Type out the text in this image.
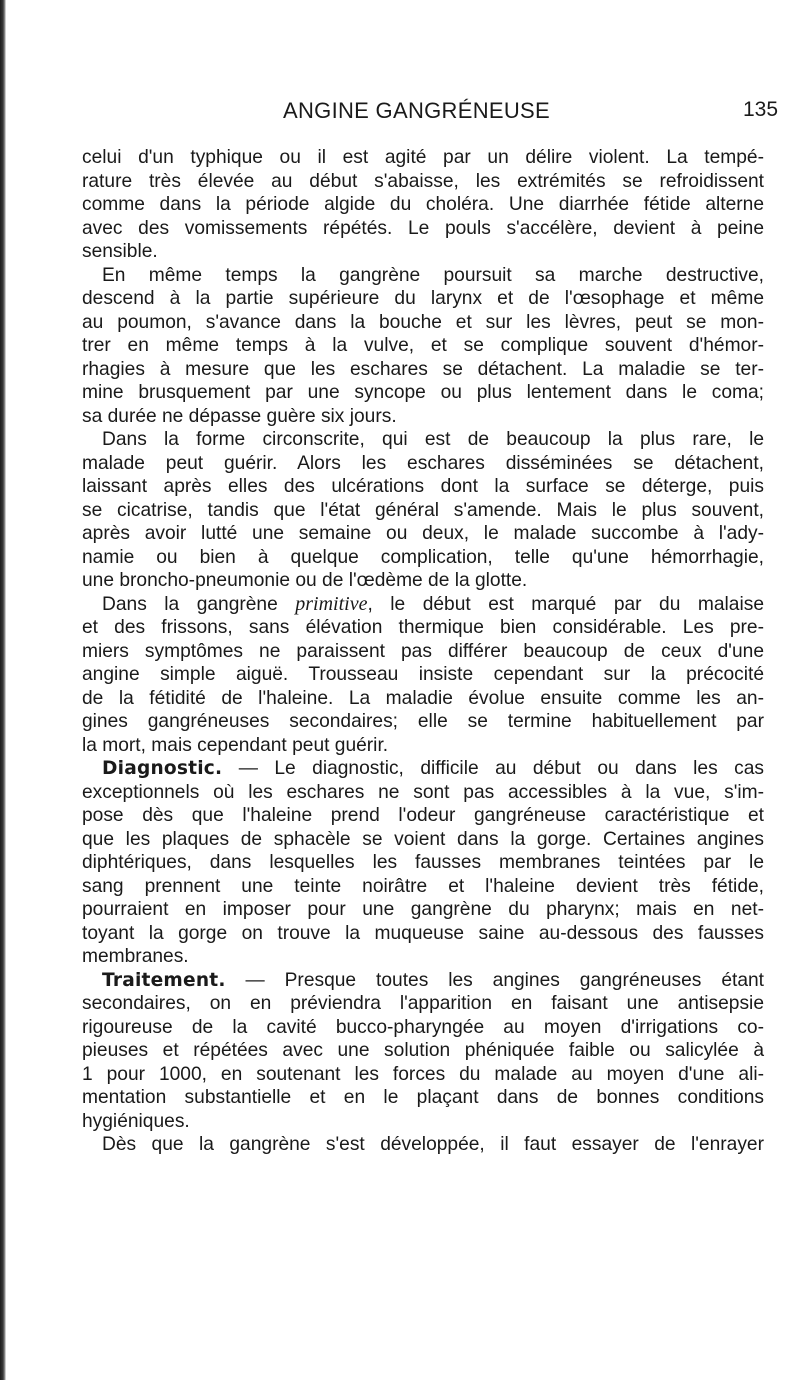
ANGINE GANGRÉNEUSE	135
celui d'un typhique ou il est agité par un délire violent. La tempé-
rature très élevée au début s'abaisse, les extrémités se refroidissent
comme dans la période algide du choléra. Une diarrhée fétide alterne
avec des vomissements répétés. Le pouls s'accélère, devient à peine
sensible.
En même temps la gangrène poursuit sa marche destructive,
descend à la partie supérieure du larynx et de l'œsophage et même
au poumon, s'avance dans la bouche et sur les lèvres, peut se mon-
trer en même temps à la vulve, et se complique souvent d'hémor-
rhagies à mesure que les eschares se détachent. La maladie se ter-
mine brusquement par une syncope ou plus lentement dans le coma;
sa durée ne dépasse guère six jours.
Dans la forme circonscrite, qui est de beaucoup la plus rare, le
malade peut guérir. Alors les eschares disséminées se détachent,
laissant après elles des ulcérations dont la surface se déterge, puis
se cicatrise, tandis que l'état général s'amende. Mais le plus souvent,
après avoir lutté une semaine ou deux, le malade succombe à l'ady-
namie ou bien à quelque complication, telle qu'une hémorrhagie,
une broncho-pneumonie ou de l'œdème de la glotte.
Dans la gangrène primitive, le début est marqué par du malaise
et des frissons, sans élévation thermique bien considérable. Les pre-
miers symptômes ne paraissent pas différer beaucoup de ceux d'une
angine simple aiguë. Trousseau insiste cependant sur la précocité
de la fétidité de l'haleine. La maladie évolue ensuite comme les an-
gines gangréneuses secondaires; elle se termine habituellement par
la mort, mais cependant peut guérir.
Diagnostic. — Le diagnostic, difficile au début ou dans les cas
exceptionnels où les eschares ne sont pas accessibles à la vue, s'im-
pose dès que l'haleine prend l'odeur gangréneuse caractéristique et
que les plaques de sphacèle se voient dans la gorge. Certaines angines
diphtériques, dans lesquelles les fausses membranes teintées par le
sang prennent une teinte noirâtre et l'haleine devient très fétide,
pourraient en imposer pour une gangrène du pharynx; mais en net-
toyant la gorge on trouve la muqueuse saine au-dessous des fausses
membranes.
Traitement. — Presque toutes les angines gangréneuses étant
secondaires, on en préviendra l'apparition en faisant une antisepsie
rigoureuse de la cavité bucco-pharyngée au moyen d'irrigations co-
pieuses et répétées avec une solution phéniquée faible ou salicylée à
1 pour 1000, en soutenant les forces du malade au moyen d'une ali-
mentation substantielle et en le plaçant dans de bonnes conditions
hygiéniques.
Dès que la gangrène s'est développée, il faut essayer de l'enrayer
